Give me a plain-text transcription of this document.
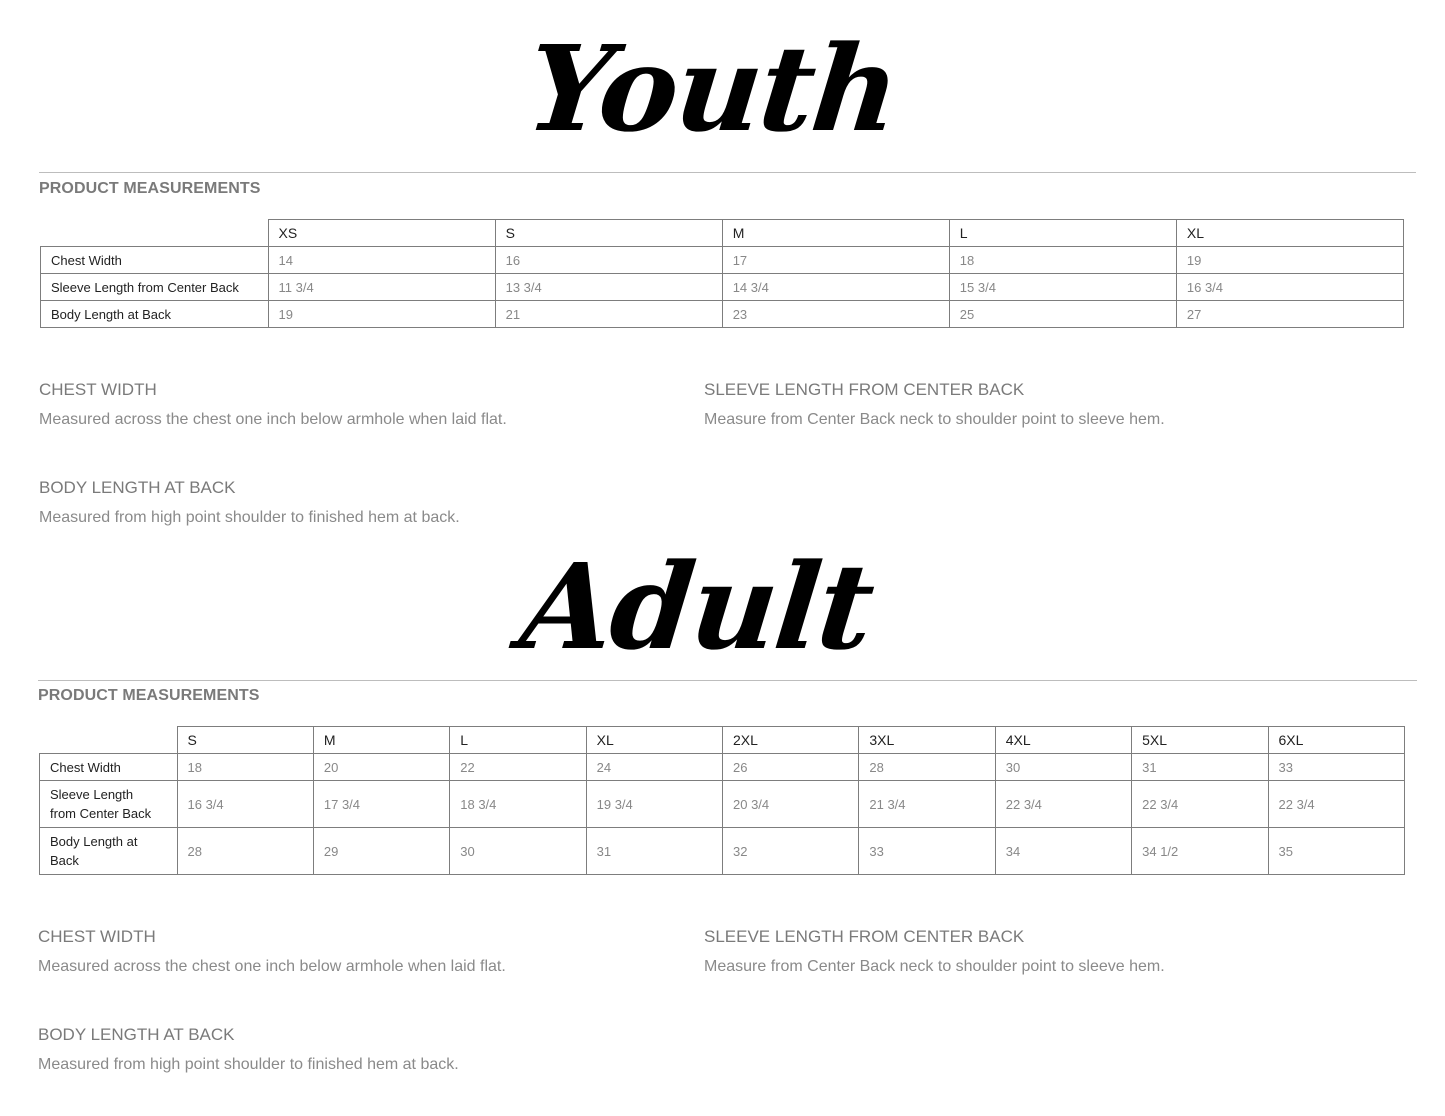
Youth
PRODUCT MEASUREMENTS
	XS	S	M	L	XL
Chest Width	14	16	17	18	19
Sleeve Length from Center Back	11 3/4	13 3/4	14 3/4	15 3/4	16 3/4
Body Length at Back	19	21	23	25	27
CHEST WIDTH
Measured across the chest one inch below armhole when laid flat.
SLEEVE LENGTH FROM CENTER BACK
Measure from Center Back neck to shoulder point to sleeve hem.
BODY LENGTH AT BACK
Measured from high point shoulder to finished hem at back.
Adult
PRODUCT MEASUREMENTS
	S	M	L	XL	2XL	3XL	4XL	5XL	6XL
Chest Width	18	20	22	24	26	28	30	31	33
Sleeve Length
from Center Back	16 3/4	17 3/4	18 3/4	19 3/4	20 3/4	21 3/4	22 3/4	22 3/4	22 3/4
Body Length at
Back	28	29	30	31	32	33	34	34 1/2	35
CHEST WIDTH
Measured across the chest one inch below armhole when laid flat.
SLEEVE LENGTH FROM CENTER BACK
Measure from Center Back neck to shoulder point to sleeve hem.
BODY LENGTH AT BACK
Measured from high point shoulder to finished hem at back.
